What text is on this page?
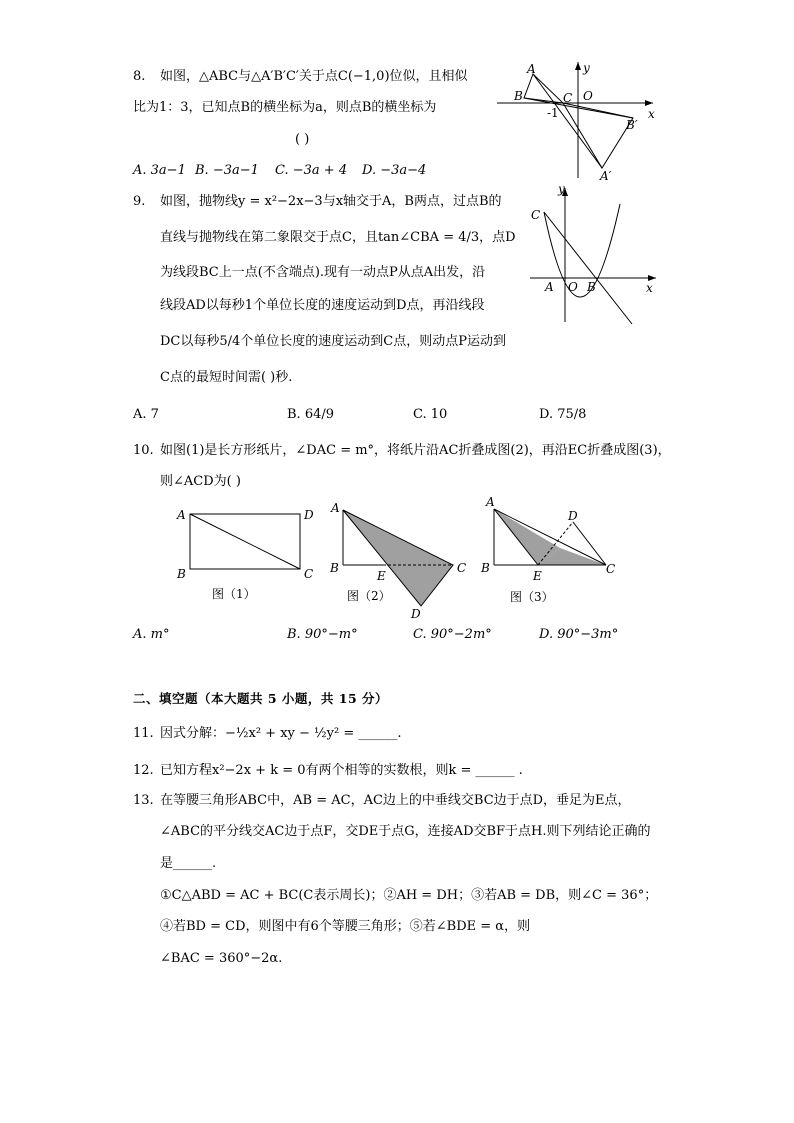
8. 如图，△ABC与△A′B′C′关于点C(−1,0)位似，且相似
比为1：3，已知点B的横坐标为a，则点B的横坐标为
( )
A. 3a−1 B. −3a−1 C. −3a + 4 D. −3a−4
A
B	C O
y
x
-1
B′
A′
9. 如图，抛物线y = x²−2x−3与x轴交于A，B两点，过点B的
直线与抛物线在第二象限交于点C，且tan∠CBA = 4/3，点D
为线段BC上一点(不含端点).现有一动点P从点A出发，沿
线段AD以每秒1个单位长度的速度运动到D点，再沿线段
DC以每秒5/4个单位长度的速度运动到C点，则动点P运动到
C点的最短时间需( )秒.
A. 7	B. 64/9	C. 10	D. 75/8
y
C
A O B	x
10. 如图(1)是长方形纸片，∠DAC = m°，将纸片沿AC折叠成图(2)，再沿EC折叠成图(3)，
则∠ACD为( )
A
B	C
D
图（1）
A
B
E
C
D
图（2）
A
B
E	C
D
图（3）
A. m°	B. 90°−m°	C. 90°−2m°	D. 90°−3m°
二、填空题（本大题共 5 小题，共 15 分）
11. 因式分解：−½x² + xy − ½y² = ______.
12. 已知方程x²−2x + k = 0有两个相等的实数根，则k = ______ .
13. 在等腰三角形ABC中，AB = AC，AC边上的中垂线交BC边于点D，垂足为E点，
∠ABC的平分线交AC边于点F，交DE于点G，连接AD交BF于点H.则下列结论正确的
是______.
①C△ABD = AC + BC(C表示周长)；②AH = DH；③若AB = DB，则∠C = 36°；
④若BD = CD，则图中有6个等腰三角形；⑤若∠BDE = α，则
∠BAC = 360°−2α.
